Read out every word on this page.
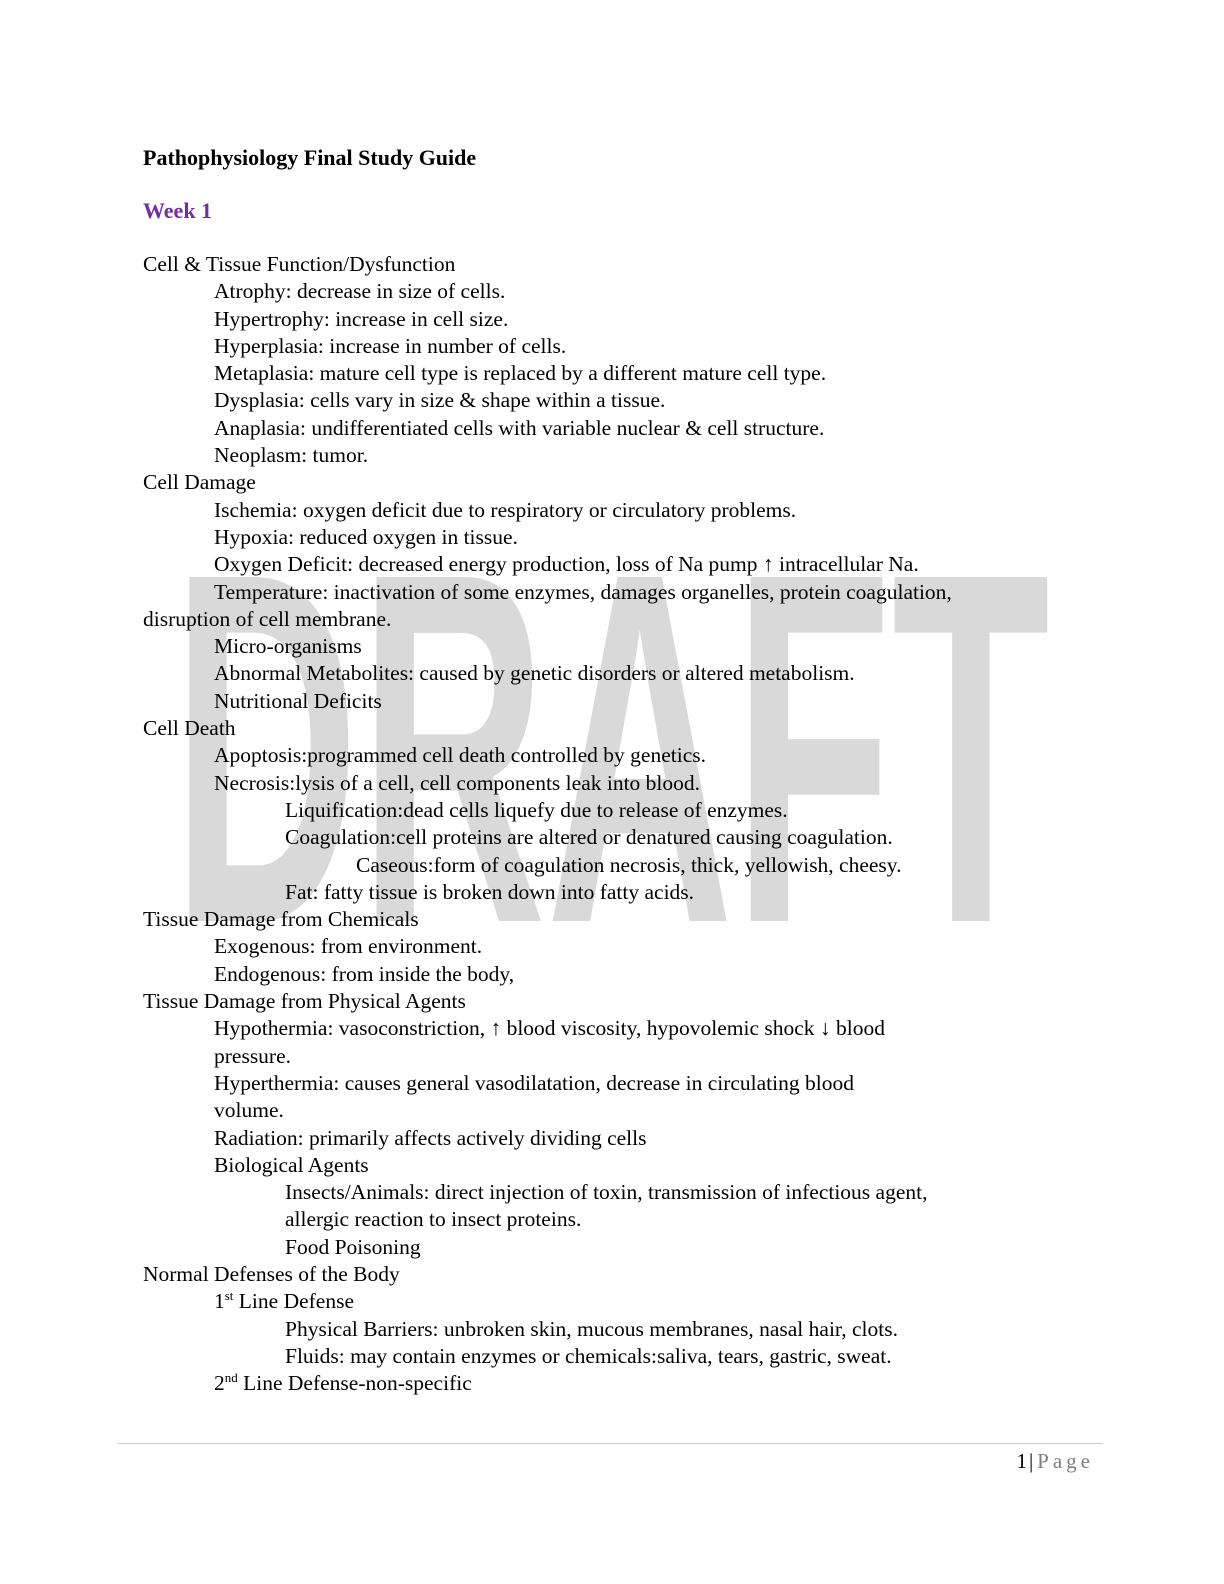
DRAFT
Pathophysiology Final Study Guide
Week 1
Cell & Tissue Function/Dysfunction
Atrophy: decrease in size of cells.
Hypertrophy: increase in cell size.
Hyperplasia: increase in number of cells.
Metaplasia: mature cell type is replaced by a different mature cell type.
Dysplasia: cells vary in size & shape within a tissue.
Anaplasia: undifferentiated cells with variable nuclear & cell structure.
Neoplasm: tumor.
Cell Damage
Ischemia: oxygen deficit due to respiratory or circulatory problems.
Hypoxia: reduced oxygen in tissue.
Oxygen Deficit: decreased energy production, loss of Na pump ↑ intracellular Na.
Temperature: inactivation of some enzymes, damages organelles, protein coagulation,
disruption of cell membrane.
Micro-organisms
Abnormal Metabolites: caused by genetic disorders or altered metabolism.
Nutritional Deficits
Cell Death
Apoptosis:programmed cell death controlled by genetics.
Necrosis:lysis of a cell, cell components leak into blood.
Liquification:dead cells liquefy due to release of enzymes.
Coagulation:cell proteins are altered or denatured causing coagulation.
Caseous:form of coagulation necrosis, thick, yellowish, cheesy.
Fat: fatty tissue is broken down into fatty acids.
Tissue Damage from Chemicals
Exogenous: from environment.
Endogenous: from inside the body,
Tissue Damage from Physical Agents
Hypothermia: vasoconstriction, ↑ blood viscosity, hypovolemic shock ↓ blood
pressure.
Hyperthermia: causes general vasodilatation, decrease in circulating blood
volume.
Radiation: primarily affects actively dividing cells
Biological Agents
Insects/Animals: direct injection of toxin, transmission of infectious agent,
allergic reaction to insect proteins.
Food Poisoning
Normal Defenses of the Body
1st Line Defense
Physical Barriers: unbroken skin, mucous membranes, nasal hair, clots.
Fluids: may contain enzymes or chemicals:saliva, tears, gastric, sweat.
2nd Line Defense-non-specific
1| Page
